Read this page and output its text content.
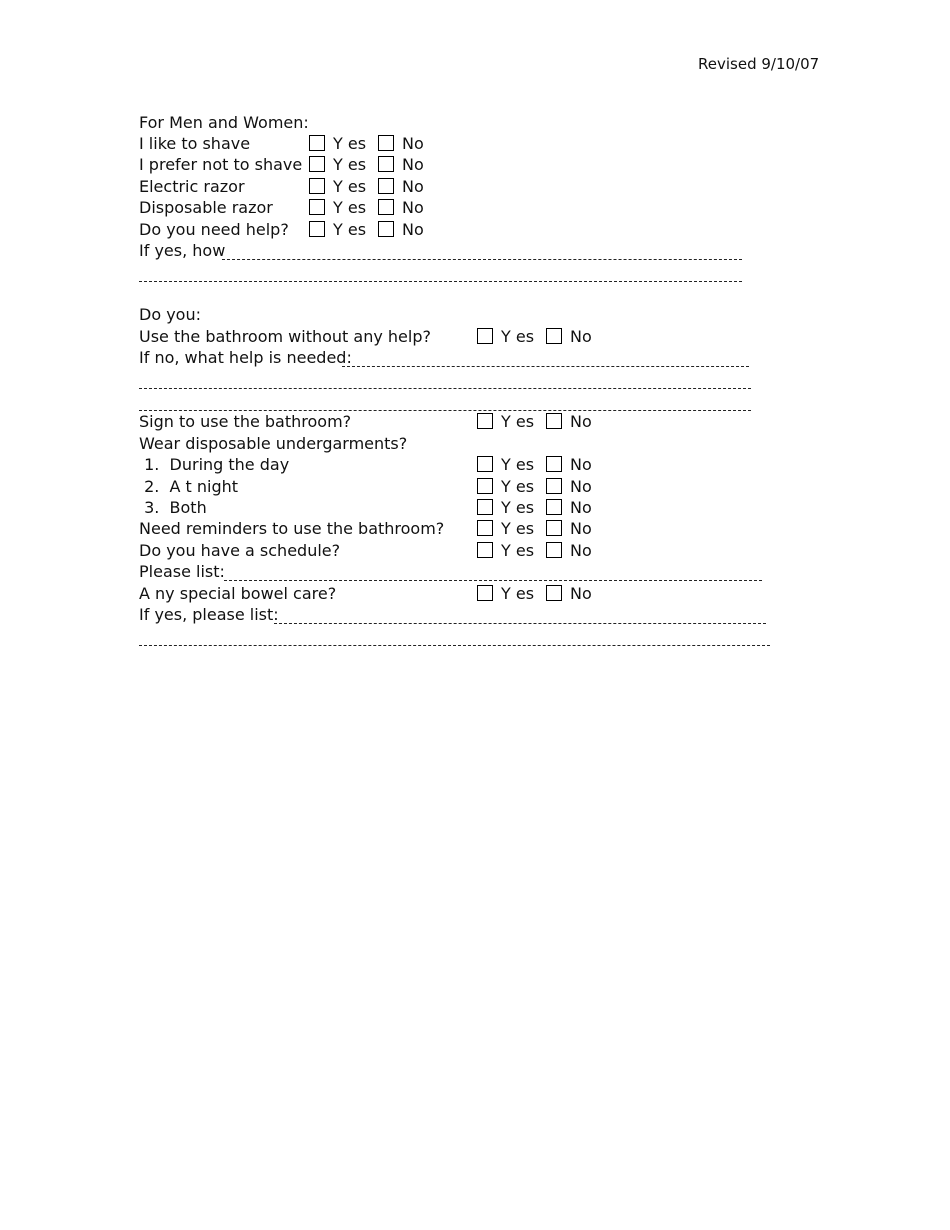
Revised 9/10/07
For Men and Women:
I like to shave	Y es No
I prefer not to shave Y es No
Electric razor	Y es No
Disposable razor	Y es No
Do you need help?	Y es No
If yes, how
Do you:
Use the bathroom without any help?	Y es No
If no, what help is needed:
Sign to use the bathroom?	Y es No
Wear disposable undergarments?
1.  During the day	Y es No
2.  A t night	Y es No
3.  Both	Y es No
Need reminders to use the bathroom?	Y es No
Do you have a schedule?	Y es No
Please list:
A ny special bowel care?	Y es No
If yes, please list:
